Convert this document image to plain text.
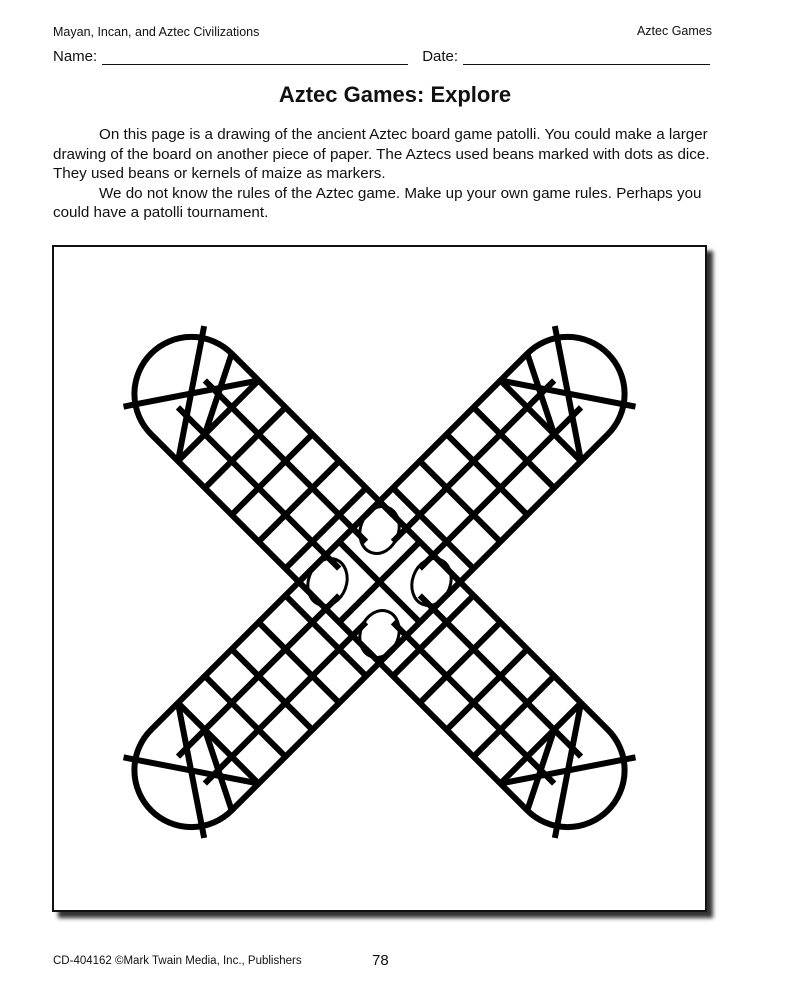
Mayan, Incan, and Aztec Civilizations	Aztec Games
Name:	Date:
Aztec Games: Explore

On this page is a drawing of the ancient Aztec board game patolli. You could make a larger drawing of the board on another piece of paper. The Aztecs used beans marked with dots as dice. They used beans or kernels of maize as markers.

We do not know the rules of the Aztec game. Make up your own game rules. Perhaps you could have a patolli tournament.

CD-404162 ©Mark Twain Media, Inc., Publishers	78
